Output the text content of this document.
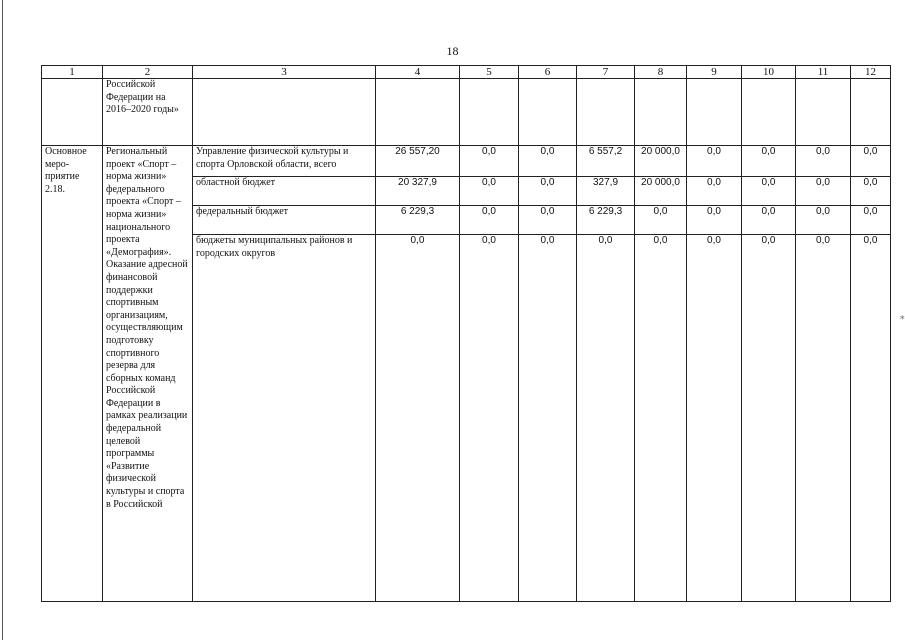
18
1	2	3	4	5	6	7	8	9	10	11	12
	Российской Федерации на 2016–2020 годы»										
Основное меро-приятие 2.18.	Региональный проект «Спорт – норма жизни» федерального проекта «Спорт – норма жизни» национального проекта «Демография». Оказание адресной финансовой поддержки спортивным организациям, осуществляющим подготовку спортивного резерва для сборных команд Российской Федерации в рамках реализации федеральной целевой программы «Развитие физической культуры и спорта в Российской	Управление физической культуры и спорта Орловской области, всего	26 557,20	0,0	0,0	6 557,2	20 000,0	0,0	0,0	0,0	0,0
		областной бюджет	20 327,9	0,0	0,0	327,9	20 000,0	0,0	0,0	0,0	0,0
		федеральный бюджет	6 229,3	0,0	0,0	6 229,3	0,0	0,0	0,0	0,0	0,0
		бюджеты муниципальных районов и городских округов	0,0	0,0	0,0	0,0	0,0	0,0	0,0	0,0	0,0
⁎
